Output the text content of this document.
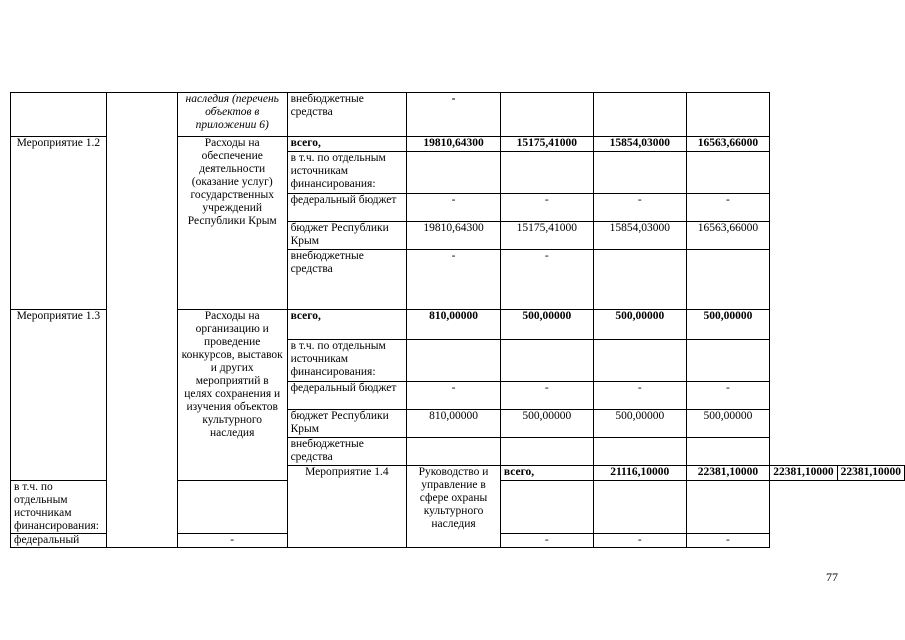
		наследия (перечень объектов в приложении 6)	внебюджетные средства	-					
Мероприятие 1.2		Расходы на обеспечение деятельности (оказание услуг) государственных учреждений Республики Крым	всего,	19810,64300	15175,41000	15854,03000	16563,66000		
			в т.ч. по отдельным источникам финансирования:						
			федеральный бюджет	-	-	-	-		
			бюджет Республики Крым	19810,64300	15175,41000	15854,03000	16563,66000		
			внебюджетные средства	-	-				
Мероприятие 1.3		Расходы на организацию и проведение конкурсов, выставок и других мероприятий в целях сохранения и изучения объектов культурного наследия	всего,	810,00000	500,00000	500,00000	500,00000		
			в т.ч. по отдельным источникам финансирования:						
			федеральный бюджет	-	-	-	-		
			бюджет Республики Крым	810,00000	500,00000	500,00000	500,00000		
			внебюджетные средства						
			Мероприятие 1.4	Руководство и управление в сфере охраны культурного наследия	всего,	21116,10000	22381,10000	22381,10000	22381,10000
в т.ч. по отдельным источникам финансирования:									
федеральный		-			-	-	-		
77
